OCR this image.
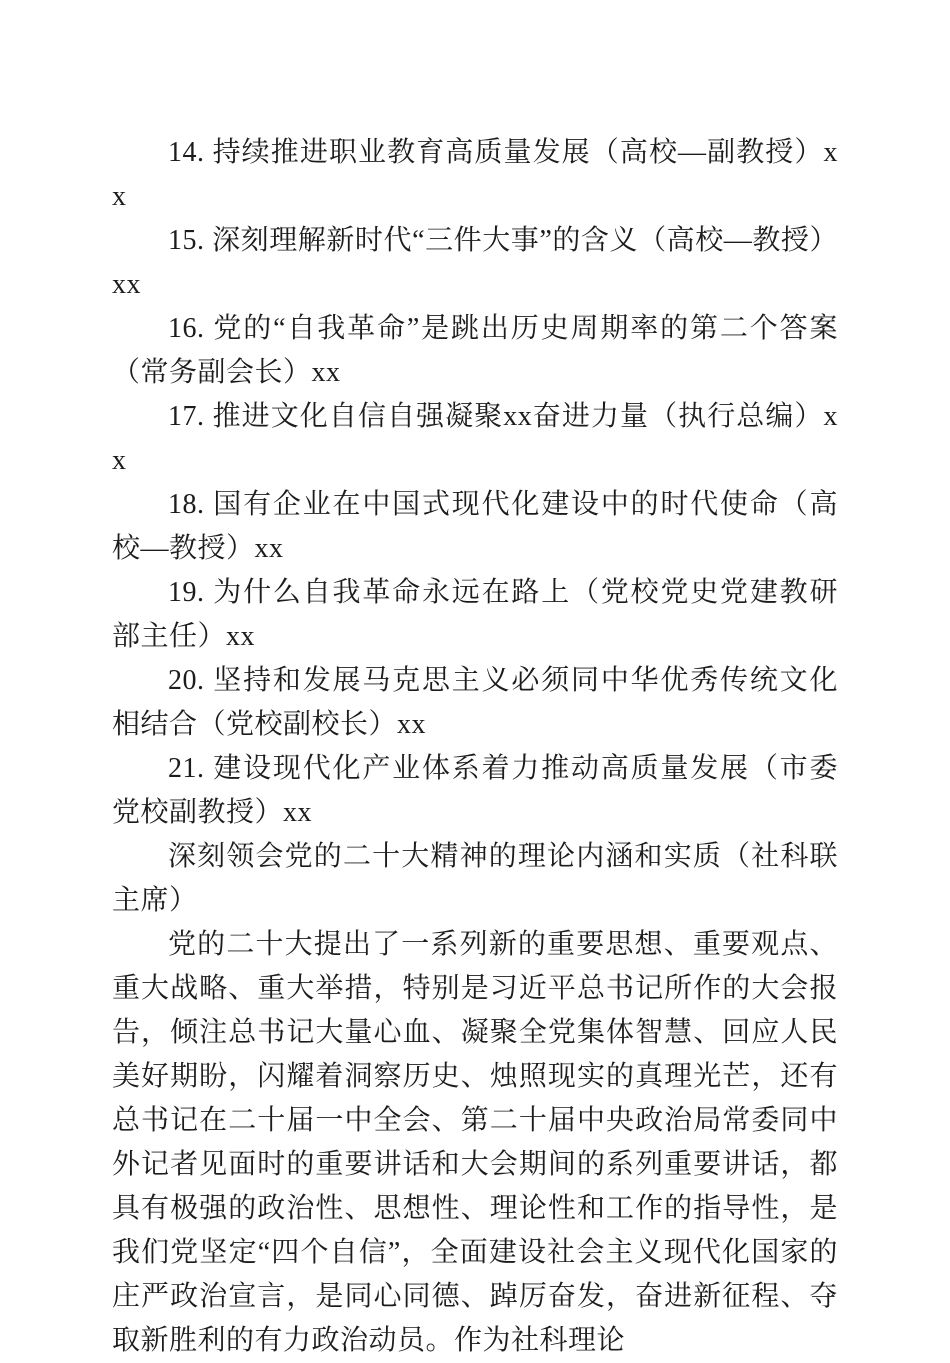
14. 持续推进职业教育高质量发展（高校—副教授）xx

15. 深刻理解新时代“三件大事”的含义（高校—教授）xx

16. 党的“自我革命”是跳出历史周期率的第二个答案（常务副会长）xx

17. 推进文化自信自强凝聚xx奋进力量（执行总编）xx

18. 国有企业在中国式现代化建设中的时代使命（高校—教授）xx

19. 为什么自我革命永远在路上（党校党史党建教研部主任）xx

20. 坚持和发展马克思主义必须同中华优秀传统文化相结合（党校副校长）xx

21. 建设现代化产业体系着力推动高质量发展（市委党校副教授）xx

深刻领会党的二十大精神的理论内涵和实质（社科联主席）

党的二十大提出了一系列新的重要思想、重要观点、重大战略、重大举措，特别是习近平总书记所作的大会报告，倾注总书记大量心血、凝聚全党集体智慧、回应人民美好期盼，闪耀着洞察历史、烛照现实的真理光芒，还有总书记在二十届一中全会、第二十届中央政治局常委同中外记者见面时的重要讲话和大会期间的系列重要讲话，都具有极强的政治性、思想性、理论性和工作的指导性，是我们党坚定“四个自信”，全面建设社会主义现代化国家的庄严政治宣言，是同心同德、踔厉奋发，奋进新征程、夺取新胜利的有力政治动员。作为社科理论
